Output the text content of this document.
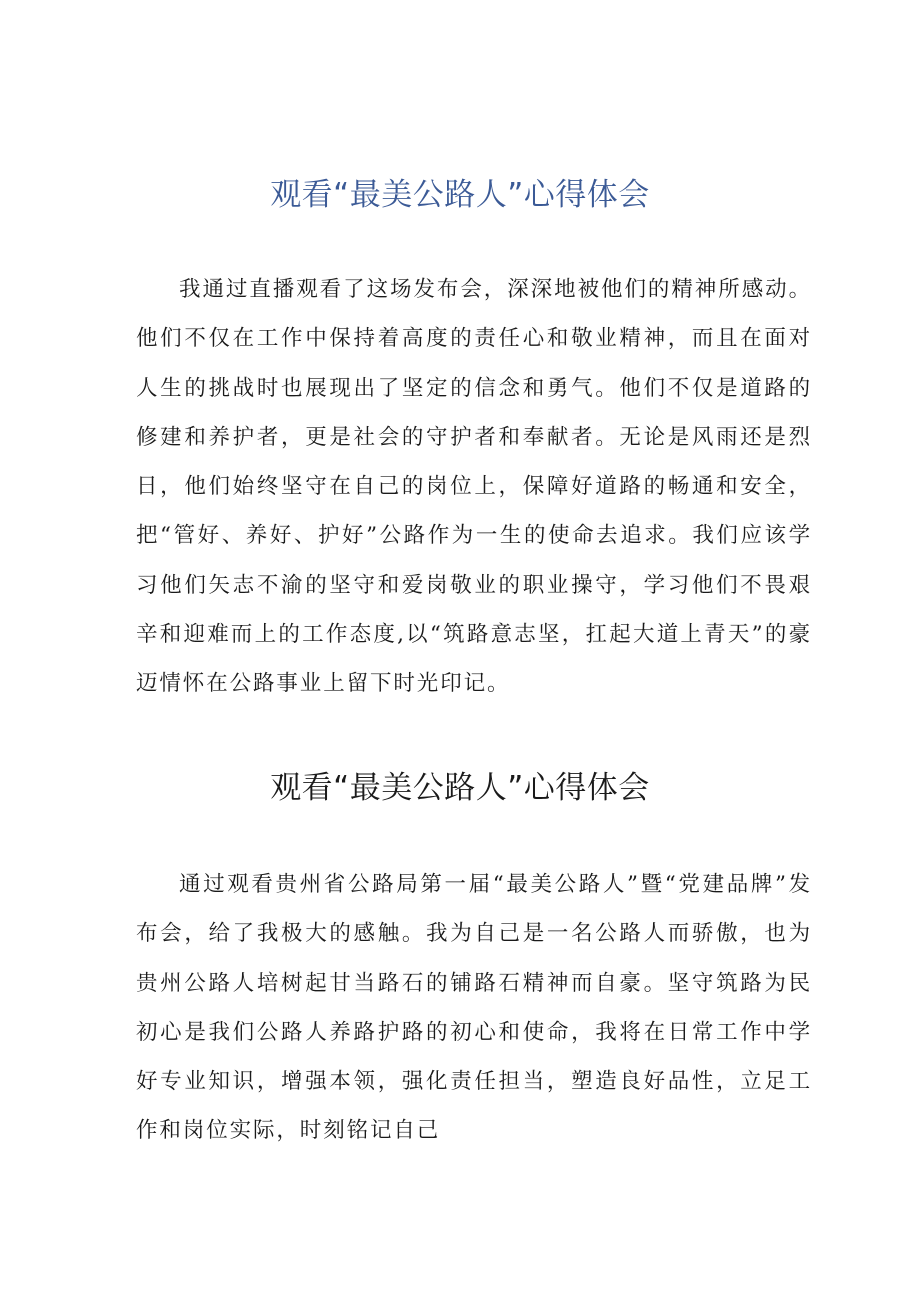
观看“最美公路人”心得体会

我通过直播观看了这场发布会，深深地被他们的精神所感动。他们不仅在工作中保持着高度的责任心和敬业精神，而且在面对人生的挑战时也展现出了坚定的信念和勇气。他们不仅是道路的修建和养护者，更是社会的守护者和奉献者。无论是风雨还是烈日，他们始终坚守在自己的岗位上，保障好道路的畅通和安全，把“管好、养好、护好”公路作为一生的使命去追求。我们应该学习他们矢志不渝的坚守和爱岗敬业的职业操守，学习他们不畏艰辛和迎难而上的工作态度,以“筑路意志坚，扛起大道上青天”的豪迈情怀在公路事业上留下时光印记。

观看“最美公路人”心得体会

通过观看贵州省公路局第一届“最美公路人”暨“党建品牌”发布会，给了我极大的感触。我为自己是一名公路人而骄傲，也为贵州公路人培树起甘当路石的铺路石精神而自豪。坚守筑路为民初心是我们公路人养路护路的初心和使命，我将在日常工作中学好专业知识，增强本领，强化责任担当，塑造良好品性，立足工作和岗位实际，时刻铭记自己
